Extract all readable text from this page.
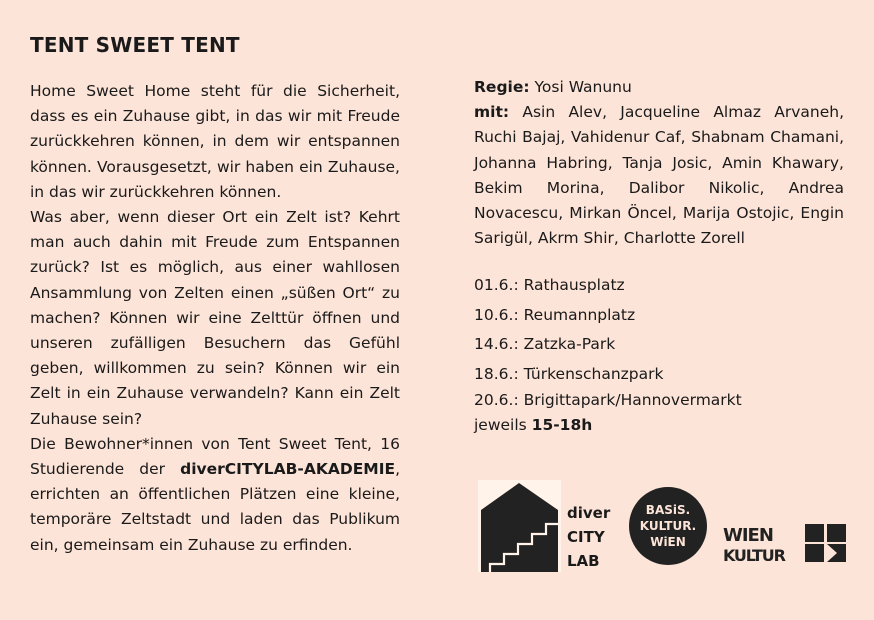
TENT SWEET TENT

Home Sweet Home steht für die Sicherheit, dass es ein Zuhause gibt, in das wir mit Freude zurückkehren können, in dem wir entspannen können. Vorausgesetzt, wir haben ein Zuhause, in das wir zurückkehren können.

Was aber, wenn dieser Ort ein Zelt ist? Kehrt man auch dahin mit Freude zum Entspannen zurück? Ist es möglich, aus einer wahllosen Ansammlung von Zelten einen „süßen Ort“ zu machen? Können wir eine Zelttür öffnen und unseren zufälligen Besuchern das Gefühl geben, willkommen zu sein? Können wir ein Zelt in ein Zuhause verwandeln? Kann ein Zelt Zuhause sein?

Die Bewohner*innen von Tent Sweet Tent, 16 Studierende der diverCITYLAB-AKADEMIE, errichten an öffentlichen Plätzen eine kleine, temporäre Zeltstadt und laden das Publikum ein, gemeinsam ein Zuhause zu erfinden.

Regie: Yosi Wanunu

mit: Asin Alev, Jacqueline Almaz Arvaneh, Ruchi Bajaj, Vahidenur Caf, Shabnam Chamani, Johanna Habring, Tanja Josic, Amin Khawary, Bekim Morina, Dalibor Nikolic, Andrea Novacescu, Mirkan Öncel, Marija Ostojic, Engin Sarigül, Akrm Shir, Charlotte Zorell

01.6.: Rathausplatz
10.6.: Reumannplatz
14.6.: Zatzka-Park
18.6.: Türkenschanzpark
20.6.: Brigittapark/Hannovermarkt
jeweils 15-18h
diver
CITY
LAB
BASiS.
KULTUR.
WiEN WIEN
KULTUR
